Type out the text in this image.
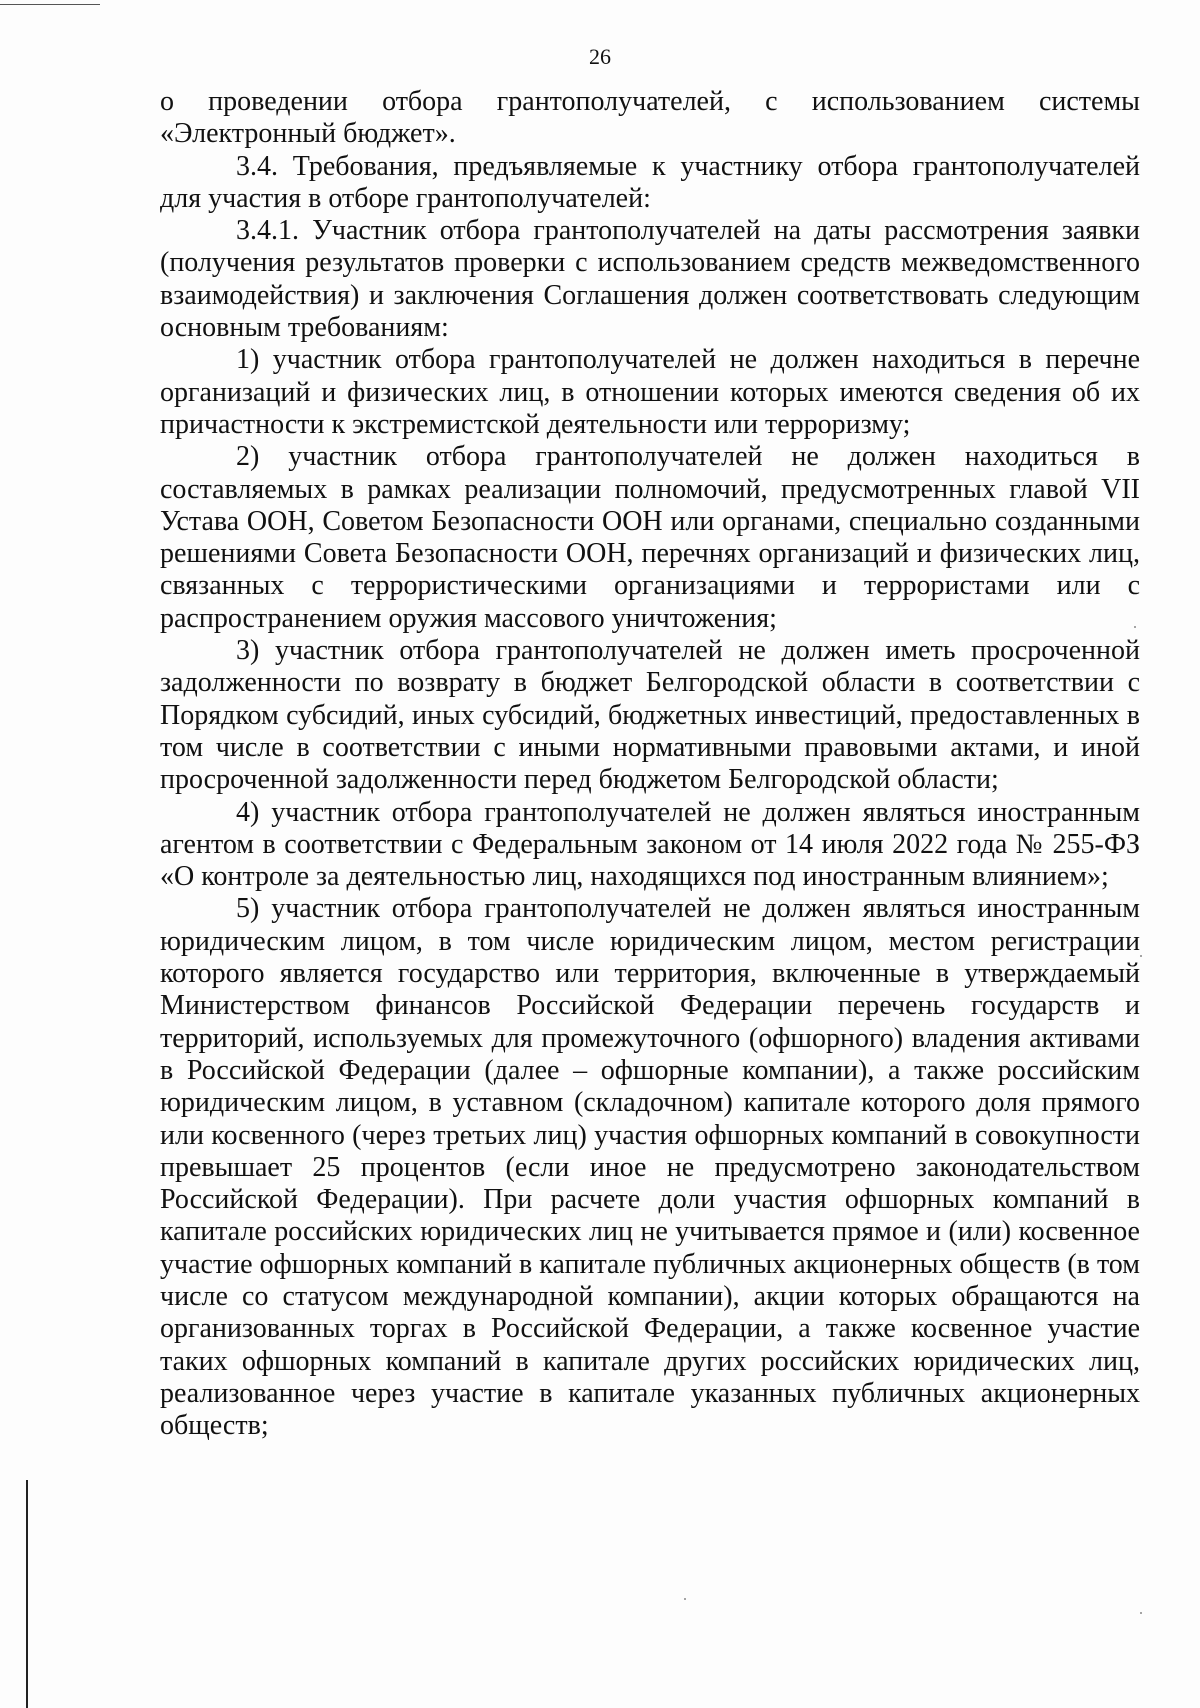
26

о проведении отбора грантополучателей, с использованием системы «Электронный бюджет».

3.4. Требования, предъявляемые к участнику отбора грантополучателей для участия в отборе грантополучателей:

3.4.1. Участник отбора грантополучателей на даты рассмотрения заявки (получения результатов проверки с использованием средств межведомственного взаимодействия) и заключения Соглашения должен соответствовать следующим основным требованиям:

1) участник отбора грантополучателей не должен находиться в перечне организаций и физических лиц, в отношении которых имеются сведения об их причастности к экстремистской деятельности или терроризму;

2) участник отбора грантополучателей не должен находиться в составляемых в рамках реализации полномочий, предусмотренных главой VII Устава ООН, Советом Безопасности ООН или органами, специально созданными решениями Совета Безопасности ООН, перечнях организаций и физических лиц, связанных с террористическими организациями и террористами или с распространением оружия массового уничтожения;

3) участник отбора грантополучателей не должен иметь просроченной задолженности по возврату в бюджет Белгородской области в соответствии с Порядком субсидий, иных субсидий, бюджетных инвестиций, предоставленных в том числе в соответствии с иными нормативными правовыми актами, и иной просроченной задолженности перед бюджетом Белгородской области;

4) участник отбора грантополучателей не должен являться иностранным агентом в соответствии с Федеральным законом от 14 июля 2022 года № 255-ФЗ «О контроле за деятельностью лиц, находящихся под иностранным влиянием»;

5) участник отбора грантополучателей не должен являться иностранным юридическим лицом, в том числе юридическим лицом, местом регистрации которого является государство или территория, включенные в утверждаемый Министерством финансов Российской Федерации перечень государств и территорий, используемых для промежуточного (офшорного) владения активами в Российской Федерации (далее – офшорные компании), а также российским юридическим лицом, в уставном (складочном) капитале которого доля прямого или косвенного (через третьих лиц) участия офшорных компаний в совокупности превышает 25 процентов (если иное не предусмотрено законодательством Российской Федерации). При расчете доли участия офшорных компаний в капитале российских юридических лиц не учитывается прямое и (или) косвенное участие офшорных компаний в капитале публичных акционерных обществ (в том числе со статусом международной компании), акции которых обращаются на организованных торгах в Российской Федерации, а также косвенное участие таких офшорных компаний в капитале других российских юридических лиц, реализованное через участие в капитале указанных публичных акционерных обществ;
